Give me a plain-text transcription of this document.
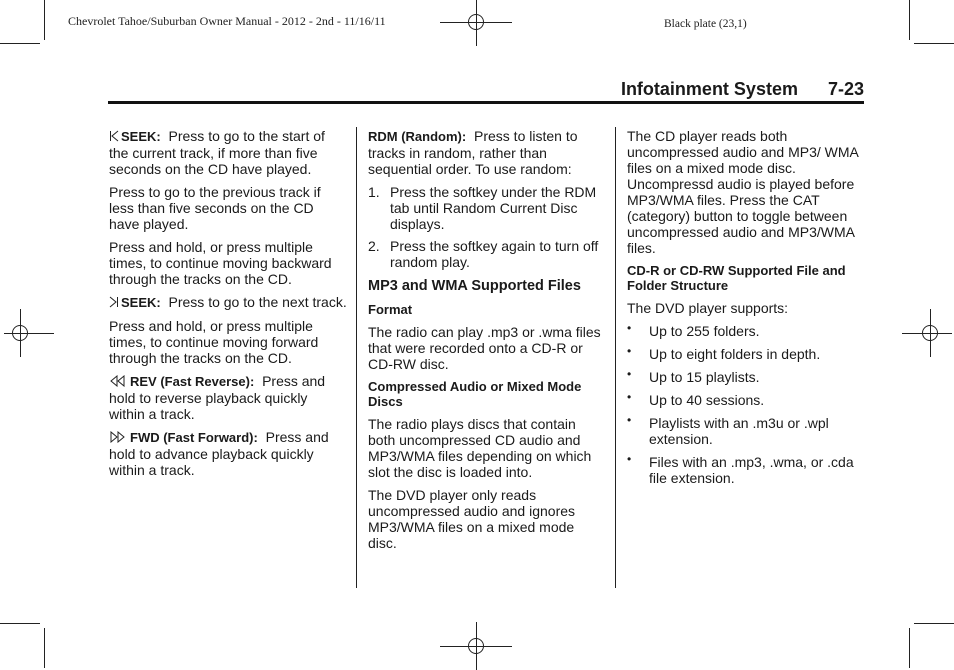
Chevrolet Tahoe/Suburban Owner Manual - 2012 - 2nd - 11/16/11	Black plate (23,1)
Infotainment System 7-23

SEEK: Press to go to the start of the current track, if more than five seconds on the CD have played.

Press to go to the previous track if less than five seconds on the CD have played.

Press and hold, or press multiple times, to continue moving backward through the tracks on the CD.

SEEK: Press to go to the next track.

Press and hold, or press multiple times, to continue moving forward through the tracks on the CD.

REV (Fast Reverse): Press and hold to reverse playback quickly within a track.

FWD (Fast Forward): Press and hold to advance playback quickly within a track.

RDM (Random): Press to listen to tracks in random, rather than sequential order. To use random:

1. Press the softkey under the RDM tab until Random Current Disc displays.
2. Press the softkey again to turn off random play.
MP3 and WMA Supported Files
Format

The radio can play .mp3 or .wma files that were recorded onto a CD-R or CD-RW disc.

Compressed Audio or Mixed Mode Discs

The radio plays discs that contain both uncompressed CD audio and MP3/WMA files depending on which slot the disc is loaded into.

The DVD player only reads uncompressed audio and ignores MP3/WMA files on a mixed mode disc.

The CD player reads both uncompressed audio and MP3/ WMA files on a mixed mode disc. Uncompressd audio is played before MP3/WMA files. Press the CAT (category) button to toggle between uncompressed audio and MP3/WMA files.

CD-R or CD-RW Supported File and Folder Structure

The DVD player supports:

• Up to 255 folders.
• Up to eight folders in depth.
• Up to 15 playlists.
• Up to 40 sessions.
• Playlists with an .m3u or .wpl extension.
• Files with an .mp3, .wma, or .cda file extension.
